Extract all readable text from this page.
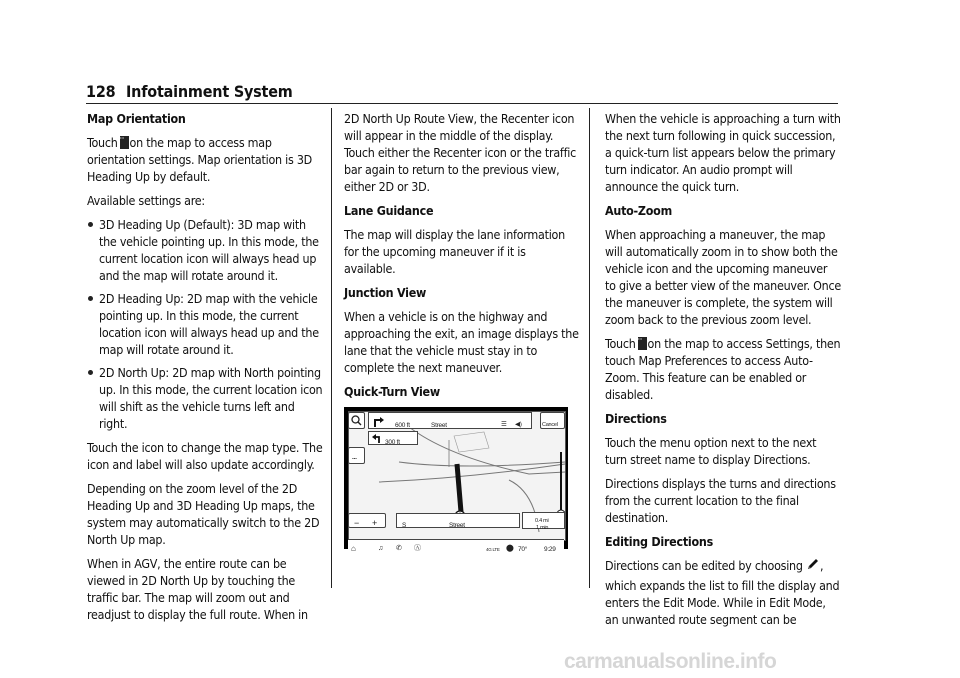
128 Infotainment System
Map Orientation

Touch ··· on the map to access map orientation settings. Map orientation is 3D Heading Up by default.

Available settings are:

3D Heading Up (Default): 3D map with the vehicle pointing up. In this mode, the current location icon will always head up and the map will rotate around it.
2D Heading Up: 2D map with the vehicle pointing up. In this mode, the current location icon will always head up and the map will rotate around it.
2D North Up: 2D map with North pointing up. In this mode, the current location icon will shift as the vehicle turns left and right.

Touch the icon to change the map type. The icon and label will also update accordingly.

Depending on the zoom level of the 2D Heading Up and 3D Heading Up maps, the system may automatically switch to the 2D North Up map.

When in AGV, the entire route can be viewed in 2D North Up by touching the traffic bar. The map will zoom out and readjust to display the full route. When in

2D North Up Route View, the Recenter icon will appear in the middle of the display. Touch either the Recenter icon or the traffic bar again to return to the previous view, either 2D or 3D.

Lane Guidance

The map will display the lane information for the upcoming maneuver if it is available.

Junction View

When a vehicle is on the highway and approaching the exit, an image displays the lane that the vehicle must stay in to complete the next maneuver.

Quick-Turn View
...
600 ft	Street	☰ ◀)	Cancel
300 ft
− +	S	Street
0.4 mi
1 min
⌂	♫ ✆ Ⓐ	4G LTE ⬤ 70°	9:29

When the vehicle is approaching a turn with the next turn following in quick succession, a quick-turn list appears below the primary turn indicator. An audio prompt will announce the quick turn.

Auto-Zoom

When approaching a maneuver, the map will automatically zoom in to show both the vehicle icon and the upcoming maneuver to give a better view of the maneuver. Once the maneuver is complete, the system will zoom back to the previous zoom level.

Touch ··· on the map to access Settings, then touch Map Preferences to access Auto-Zoom. This feature can be enabled or disabled.

Directions

Touch the menu option next to the next turn street name to display Directions.

Directions displays the turns and directions from the current location to the final destination.

Editing Directions

Directions can be edited by choosing ,

which expands the list to fill the display and enters the Edit Mode. While in Edit Mode, an unwanted route segment can be

carmanualsonline.info
